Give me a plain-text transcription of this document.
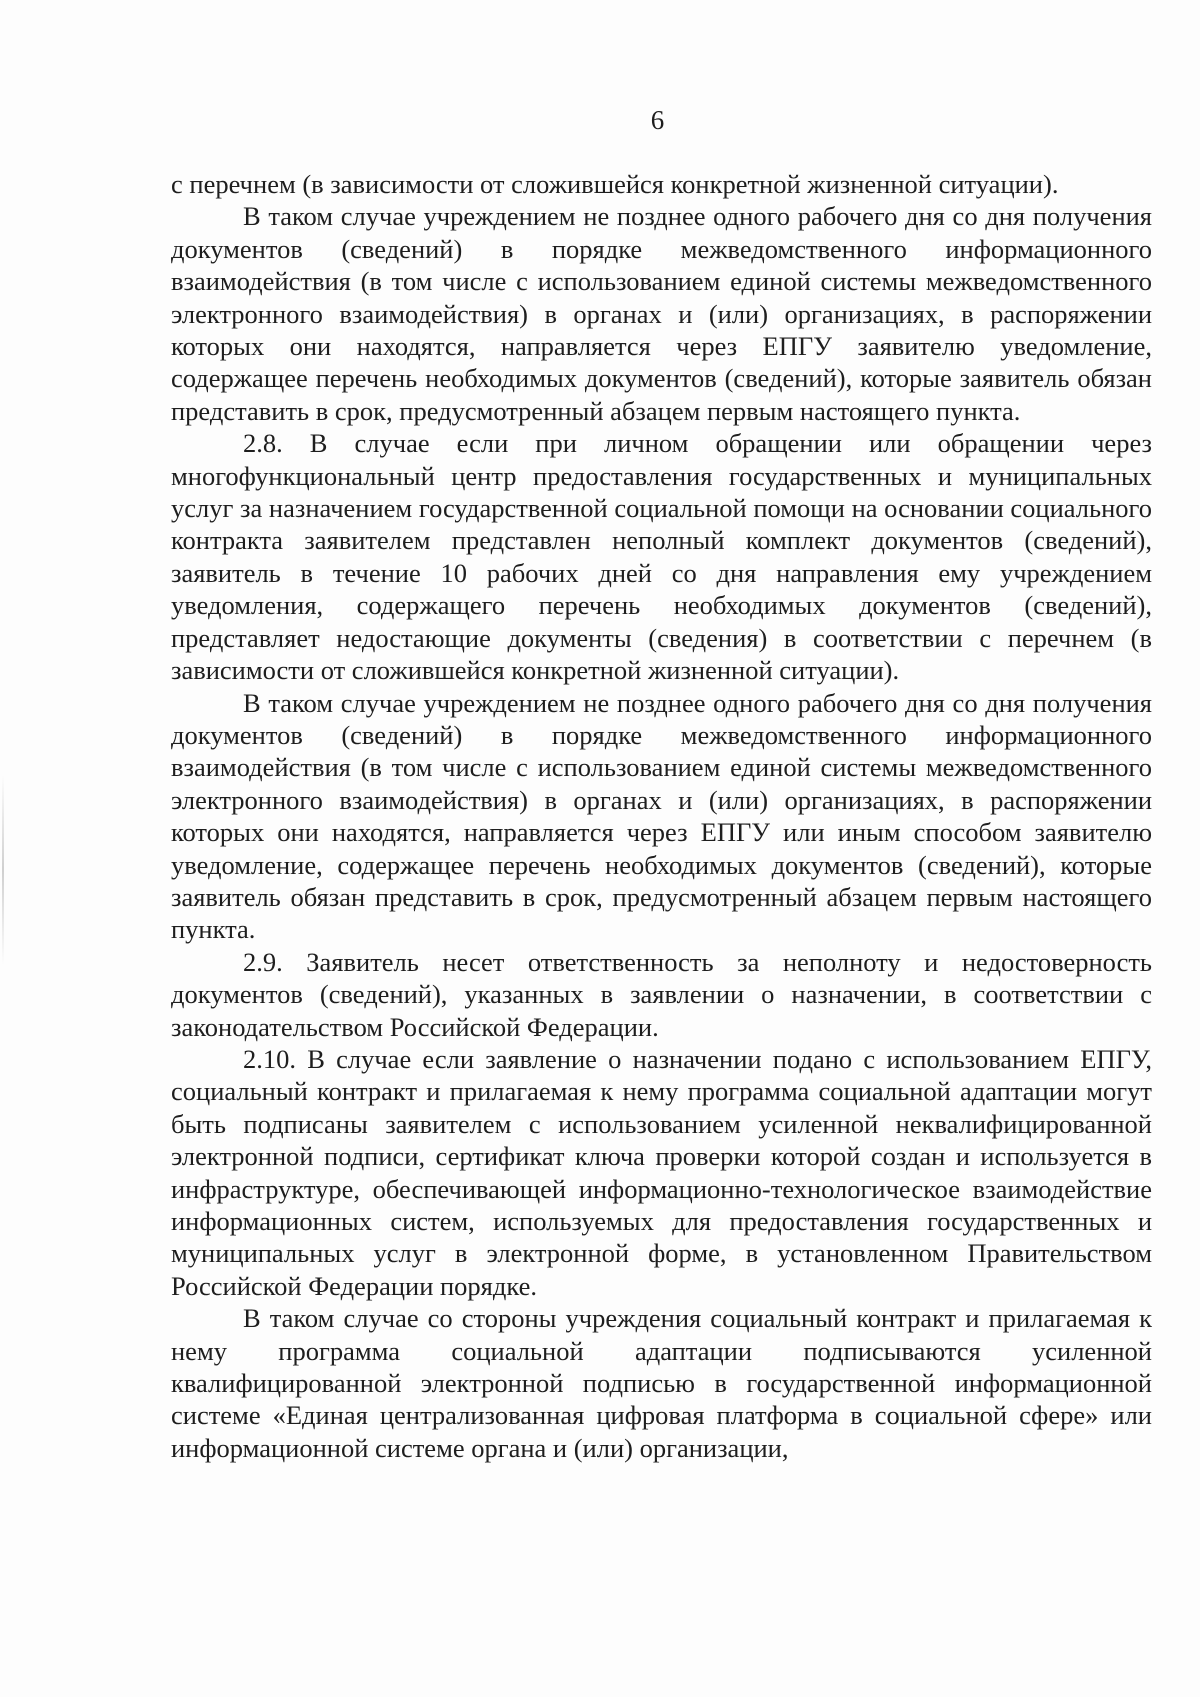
6

с перечнем (в зависимости от сложившейся конкретной жизненной ситуации).

В таком случае учреждением не позднее одного рабочего дня со дня получения документов (сведений) в порядке межведомственного информационного взаимодействия (в том числе с использованием единой системы межведомственного электронного взаимодействия) в органах и (или) организациях, в распоряжении которых они находятся, направляется через ЕПГУ заявителю уведомление, содержащее перечень необходимых документов (сведений), которые заявитель обязан представить в срок, предусмотренный абзацем первым настоящего пункта.

2.8. В случае если при личном обращении или обращении через многофункциональный центр предоставления государственных и муниципальных услуг за назначением государственной социальной помощи на основании социального контракта заявителем представлен неполный комплект документов (сведений), заявитель в течение 10 рабочих дней со дня направления ему учреждением уведомления, содержащего перечень необходимых документов (сведений), представляет недостающие документы (сведения) в соответствии с перечнем (в зависимости от сложившейся конкретной жизненной ситуации).

В таком случае учреждением не позднее одного рабочего дня со дня получения документов (сведений) в порядке межведомственного информационного взаимодействия (в том числе с использованием единой системы межведомственного электронного взаимодействия) в органах и (или) организациях, в распоряжении которых они находятся, направляется через ЕПГУ или иным способом заявителю уведомление, содержащее перечень необходимых документов (сведений), которые заявитель обязан представить в срок, предусмотренный абзацем первым настоящего пункта.

2.9. Заявитель несет ответственность за неполноту и недостоверность документов (сведений), указанных в заявлении о назначении, в соответствии с законодательством Российской Федерации.

2.10. В случае если заявление о назначении подано с использованием ЕПГУ, социальный контракт и прилагаемая к нему программа социальной адаптации могут быть подписаны заявителем с использованием усиленной неквалифицированной электронной подписи, сертификат ключа проверки которой создан и используется в инфраструктуре, обеспечивающей информационно-технологическое взаимодействие информационных систем, используемых для предоставления государственных и муниципальных услуг в электронной форме, в установленном Правительством Российской Федерации порядке.

В таком случае со стороны учреждения социальный контракт и прилагаемая к нему программа социальной адаптации подписываются усиленной квалифицированной электронной подписью в государственной информационной системе «Единая централизованная цифровая платформа в социальной сфере» или информационной системе органа и (или) организации,
